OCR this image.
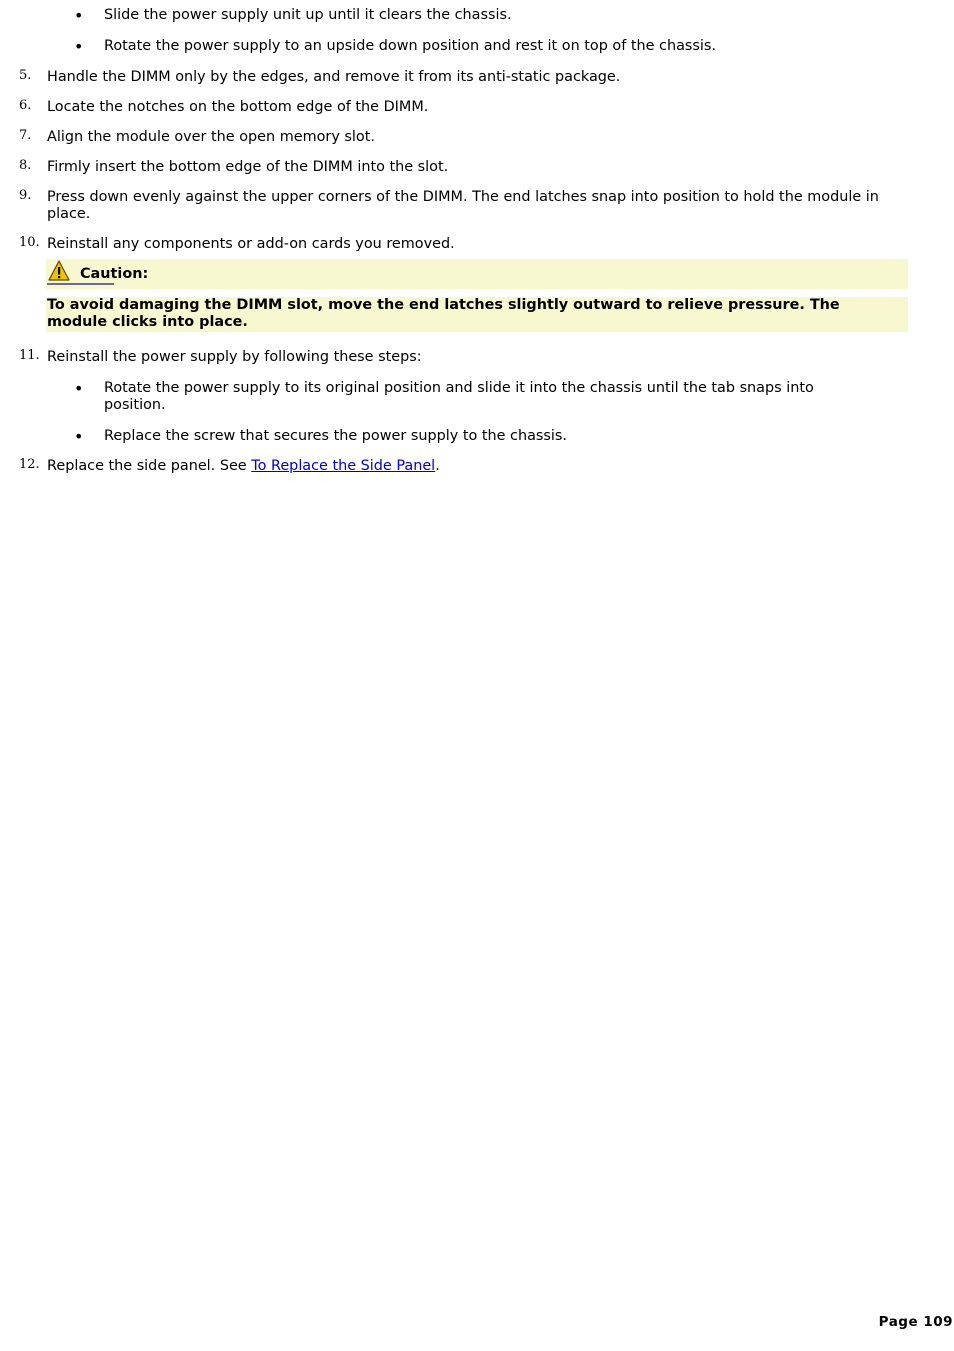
• Slide the power supply unit up until it clears the chassis.
• Rotate the power supply to an upside down position and rest it on top of the chassis.
5. Handle the DIMM only by the edges, and remove it from its anti-static package.
6. Locate the notches on the bottom edge of the DIMM.
7. Align the module over the open memory slot.
8. Firmly insert the bottom edge of the DIMM into the slot.
9. Press down evenly against the upper corners of the DIMM. The end latches snap into position to hold the module in place.
10. Reinstall any components or add-on cards you removed.
Caution:
To avoid damaging the DIMM slot, move the end latches slightly outward to relieve pressure. The module clicks into place.
11. Reinstall the power supply by following these steps:
• Rotate the power supply to its original position and slide it into the chassis until the tab snaps into position.
• Replace the screw that secures the power supply to the chassis.
12. Replace the side panel. See To Replace the Side Panel.
Page 109
